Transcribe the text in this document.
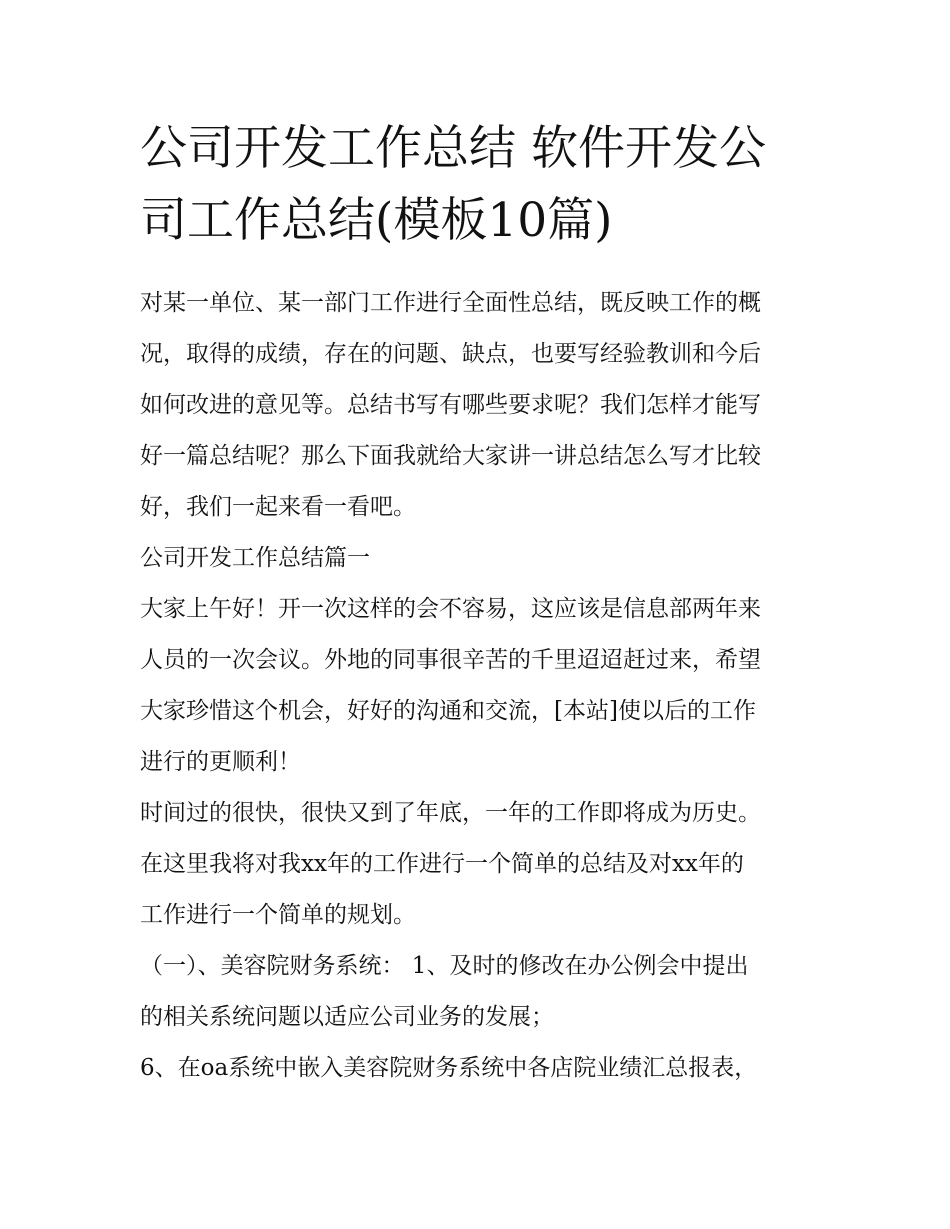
公司开发工作总结 软件开发公
司工作总结(模板10篇)
对某一单位、某一部门工作进行全面性总结，既反映工作的概
况，取得的成绩，存在的问题、缺点，也要写经验教训和今后
如何改进的意见等。总结书写有哪些要求呢？我们怎样才能写
好一篇总结呢？那么下面我就给大家讲一讲总结怎么写才比较
好，我们一起来看一看吧。
公司开发工作总结篇一
大家上午好！开一次这样的会不容易，这应该是信息部两年来
人员的一次会议。外地的同事很辛苦的千里迢迢赶过来，希望
大家珍惜这个机会，好好的沟通和交流，[本站]使以后的工作
进行的更顺利！
时间过的很快，很快又到了年底，一年的工作即将成为历史。
在这里我将对我xx年的工作进行一个简单的总结及对xx年的
工作进行一个简单的规划。
（一）、美容院财务系统： 1、及时的修改在办公例会中提出
的相关系统问题以适应公司业务的发展；
6、在oa系统中嵌入美容院财务系统中各店院业绩汇总报表，
